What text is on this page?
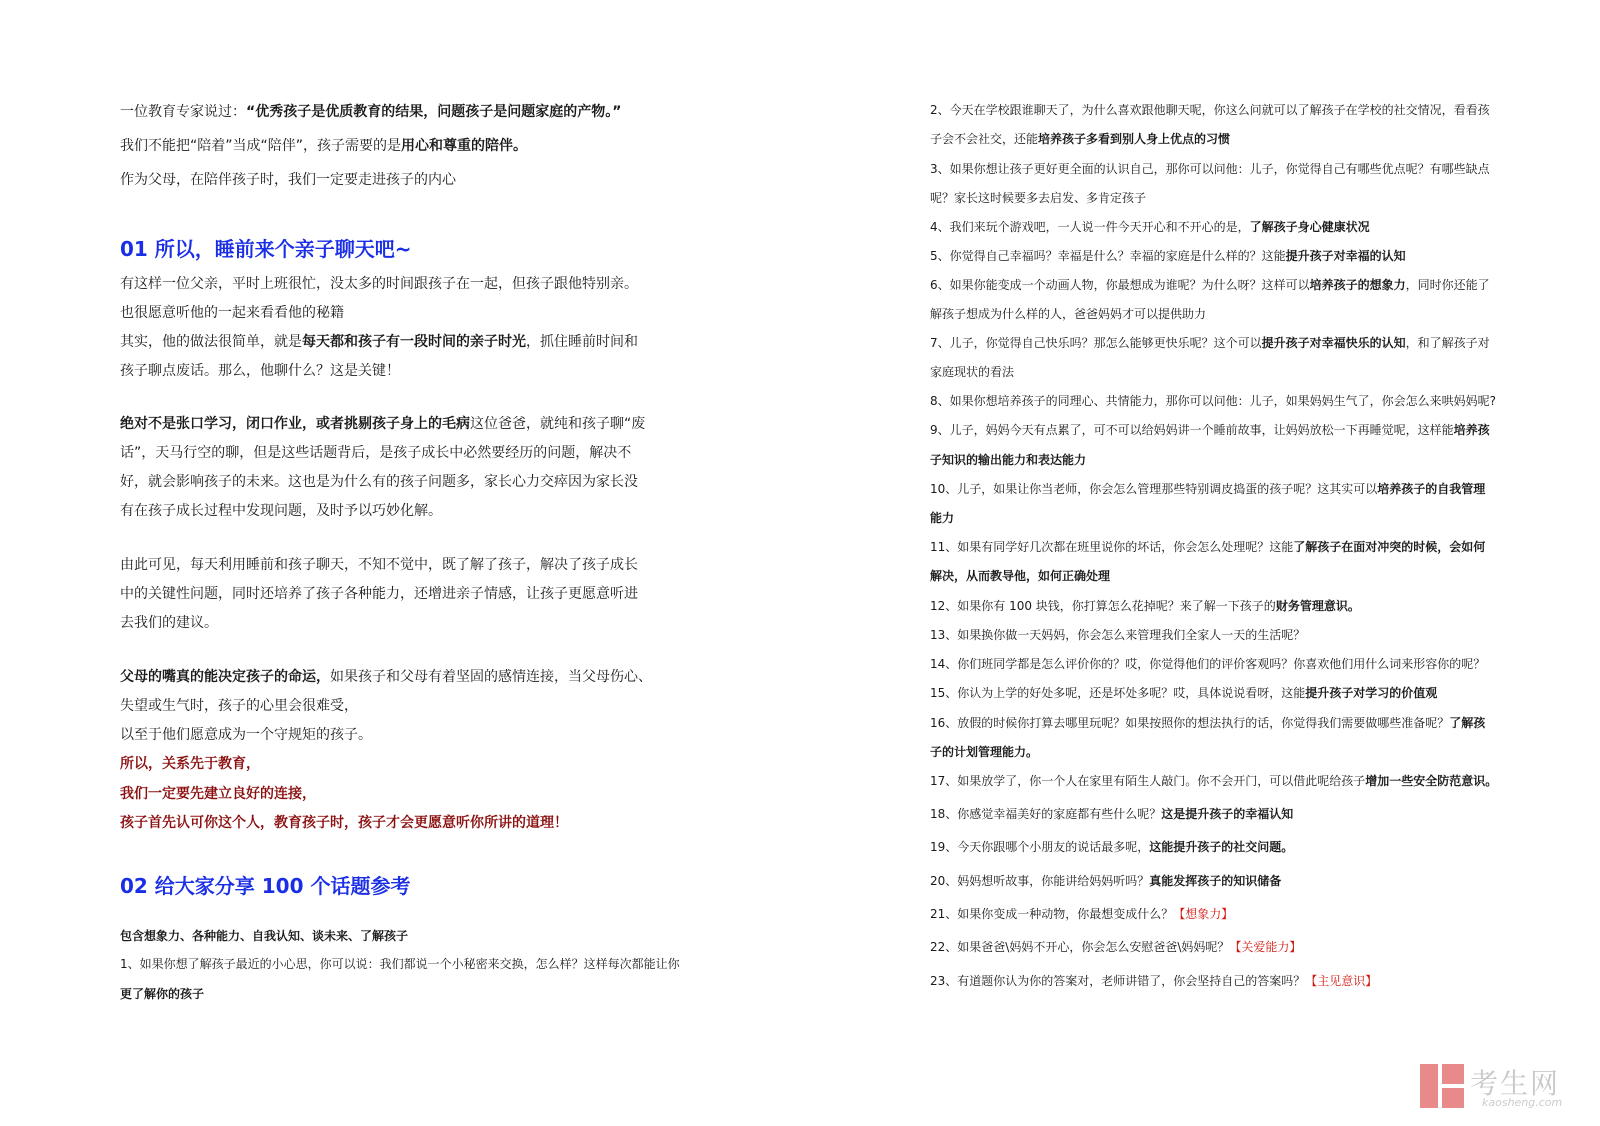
一位教育专家说过：“优秀孩子是优质教育的结果，问题孩子是问题家庭的产物。”
我们不能把“陪着”当成“陪伴”，孩子需要的是用心和尊重的陪伴。
作为父母，在陪伴孩子时，我们一定要走进孩子的内心
01 所以，睡前来个亲子聊天吧~
有这样一位父亲，平时上班很忙，没太多的时间跟孩子在一起，但孩子跟他特别亲。
也很愿意听他的一起来看看他的秘籍
其实，他的做法很简单，就是每天都和孩子有一段时间的亲子时光，抓住睡前时间和
孩子聊点废话。那么，他聊什么？这是关键！
绝对不是张口学习，闭口作业，或者挑剔孩子身上的毛病这位爸爸，就纯和孩子聊“废
话”，天马行空的聊，但是这些话题背后，是孩子成长中必然要经历的问题，解决不
好，就会影响孩子的未来。这也是为什么有的孩子问题多，家长心力交瘁因为家长没
有在孩子成长过程中发现问题，及时予以巧妙化解。
由此可见，每天利用睡前和孩子聊天，不知不觉中，既了解了孩子，解决了孩子成长
中的关键性问题，同时还培养了孩子各种能力，还增进亲子情感，让孩子更愿意听进
去我们的建议。
父母的嘴真的能决定孩子的命运，如果孩子和父母有着坚固的感情连接，当父母伤心、
失望或生气时，孩子的心里会很难受，
以至于他们愿意成为一个守规矩的孩子。
所以，关系先于教育，
我们一定要先建立良好的连接，
孩子首先认可你这个人，教育孩子时，孩子才会更愿意听你所讲的道理！
02 给大家分享 100 个话题参考
包含想象力、各种能力、自我认知、谈未来、了解孩子
1、如果你想了解孩子最近的小心思，你可以说：我们都说一个小秘密来交换，怎么样？这样每次都能让你
更了解你的孩子
2、今天在学校跟谁聊天了，为什么喜欢跟他聊天呢，你这么问就可以了解孩子在学校的社交情况，看看孩
子会不会社交，还能培养孩子多看到别人身上优点的习惯
3、如果你想让孩子更好更全面的认识自己，那你可以问他：儿子，你觉得自己有哪些优点呢？有哪些缺点
呢？家长这时候要多去启发、多肯定孩子
4、我们来玩个游戏吧，一人说一件今天开心和不开心的是，了解孩子身心健康状况
5、你觉得自己幸福吗？幸福是什么？幸福的家庭是什么样的？这能提升孩子对幸福的认知
6、如果你能变成一个动画人物，你最想成为谁呢？为什么呀？这样可以培养孩子的想象力，同时你还能了
解孩子想成为什么样的人，爸爸妈妈才可以提供助力
7、儿子，你觉得自己快乐吗？那怎么能够更快乐呢？这个可以提升孩子对幸福快乐的认知，和了解孩子对
家庭现状的看法
8、如果你想培养孩子的同理心、共情能力，那你可以问他：儿子，如果妈妈生气了，你会怎么来哄妈妈呢?
9、儿子，妈妈今天有点累了，可不可以给妈妈讲一个睡前故事，让妈妈放松一下再睡觉呢，这样能培养孩
子知识的输出能力和表达能力
10、儿子，如果让你当老师，你会怎么管理那些特别调皮捣蛋的孩子呢？这其实可以培养孩子的自我管理
能力
11、如果有同学好几次都在班里说你的坏话，你会怎么处理呢？这能了解孩子在面对冲突的时候，会如何
解决，从而教导他，如何正确处理
12、如果你有 100 块钱，你打算怎么花掉呢？来了解一下孩子的财务管理意识。
13、如果换你做一天妈妈，你会怎么来管理我们全家人一天的生活呢？
14、你们班同学都是怎么评价你的？哎，你觉得他们的评价客观吗？你喜欢他们用什么词来形容你的呢？
15、你认为上学的好处多呢，还是坏处多呢？哎，具体说说看呀，这能提升孩子对学习的价值观
16、放假的时候你打算去哪里玩呢？如果按照你的想法执行的话，你觉得我们需要做哪些准备呢？了解孩
子的计划管理能力。
17、如果放学了，你一个人在家里有陌生人敲门。你不会开门，可以借此呢给孩子增加一些安全防范意识。
18、你感觉幸福美好的家庭都有些什么呢？这是提升孩子的幸福认知
19、今天你跟哪个小朋友的说话最多呢，这能提升孩子的社交问题。
20、妈妈想听故事，你能讲给妈妈听吗？真能发挥孩子的知识储备
21、如果你变成一种动物，你最想变成什么？【想象力】
22、如果爸爸\妈妈不开心，你会怎么安慰爸爸\妈妈呢？【关爱能力】
23、有道题你认为你的答案对，老师讲错了，你会坚持自己的答案吗？【主见意识】
考生网
kaosheng.com
